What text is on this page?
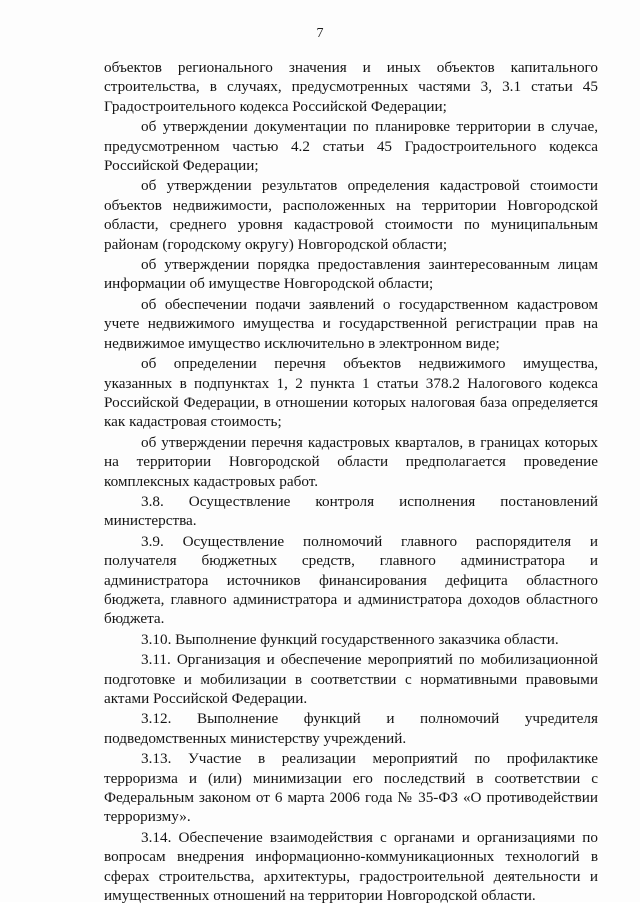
7

объектов регионального значения и иных объектов капитального строительства, в случаях, предусмотренных частями 3, 3.1 статьи 45 Градостроительного кодекса Российской Федерации;

об утверждении документации по планировке территории в случае, предусмотренном частью 4.2 статьи 45 Градостроительного кодекса Российской Федерации;

об утверждении результатов определения кадастровой стоимости объектов недвижимости, расположенных на территории Новгородской области, среднего уровня кадастровой стоимости по муниципальным районам (городскому округу) Новгородской области;

об утверждении порядка предоставления заинтересованным лицам информации об имуществе Новгородской области;

об обеспечении подачи заявлений о государственном кадастровом учете недвижимого имущества и государственной регистрации прав на недвижимое имущество исключительно в электронном виде;

об определении перечня объектов недвижимого имущества, указанных в подпунктах 1, 2 пункта 1 статьи 378.2 Налогового кодекса Российской Федерации, в отношении которых налоговая база определяется как кадастровая стоимость;

об утверждении перечня кадастровых кварталов, в границах которых на территории Новгородской области предполагается проведение комплексных кадастровых работ.

3.8. Осуществление контроля исполнения постановлений министерства.

3.9. Осуществление полномочий главного распорядителя и получателя бюджетных средств, главного администратора и администратора источников финансирования дефицита областного бюджета, главного администратора и администратора доходов областного бюджета.

3.10. Выполнение функций государственного заказчика области.

3.11. Организация и обеспечение мероприятий по мобилизационной подготовке и мобилизации в соответствии с нормативными правовыми актами Российской Федерации.

3.12. Выполнение функций и полномочий учредителя подведомственных министерству учреждений.

3.13. Участие в реализации мероприятий по профилактике терроризма и (или) минимизации его последствий в соответствии с Федеральным законом от 6 марта 2006 года № 35-ФЗ «О противодействии терроризму».

3.14. Обеспечение взаимодействия с органами и организациями по вопросам внедрения информационно-коммуникационных технологий в сферах строительства, архитектуры, градостроительной деятельности и имущественных отношений на территории Новгородской области.
